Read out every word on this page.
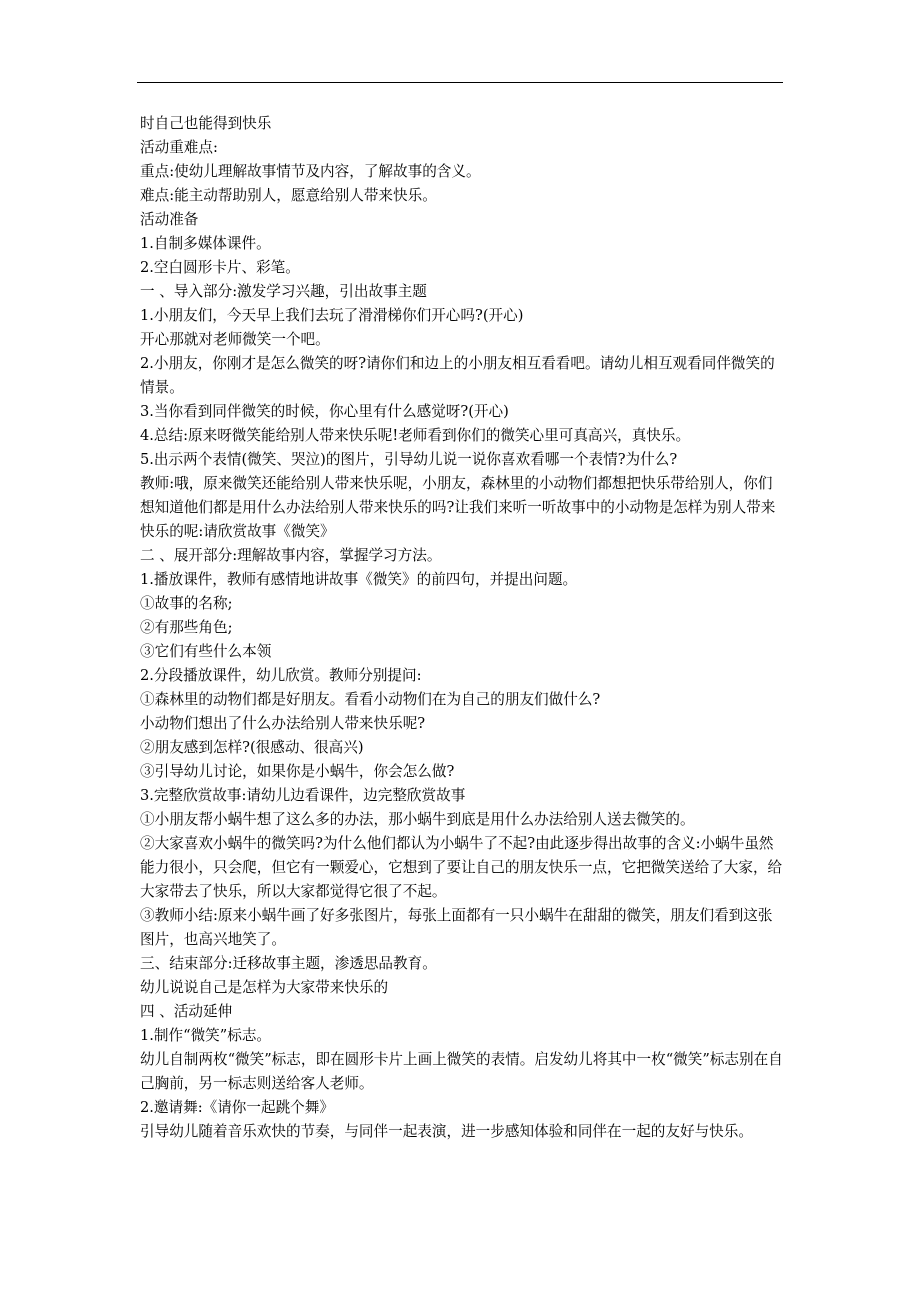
时自己也能得到快乐

活动重难点:

重点:使幼儿理解故事情节及内容，了解故事的含义。

难点:能主动帮助别人，愿意给别人带来快乐。

活动准备

1.自制多媒体课件。

2.空白圆形卡片、彩笔。

一 、导入部分:激发学习兴趣，引出故事主题

1.小朋友们，今天早上我们去玩了滑滑梯你们开心吗?(开心)

开心那就对老师微笑一个吧。

2.小朋友，你刚才是怎么微笑的呀?请你们和边上的小朋友相互看看吧。请幼儿相互观看同伴微笑的情景。

3.当你看到同伴微笑的时候，你心里有什么感觉呀?(开心)

4.总结:原来呀微笑能给别人带来快乐呢!老师看到你们的微笑心里可真高兴，真快乐。

5.出示两个表情(微笑、哭泣)的图片，引导幼儿说一说你喜欢看哪一个表情?为什么?

教师:哦，原来微笑还能给别人带来快乐呢，小朋友，森林里的小动物们都想把快乐带给别人，你们想知道他们都是用什么办法给别人带来快乐的吗?让我们来听一听故事中的小动物是怎样为别人带来快乐的呢:请欣赏故事《微笑》

二 、展开部分:理解故事内容，掌握学习方法。

1.播放课件，教师有感情地讲故事《微笑》的前四句，并提出问题。

①故事的名称;

②有那些角色;

③它们有些什么本领

2.分段播放课件，幼儿欣赏。教师分别提问:

①森林里的动物们都是好朋友。看看小动物们在为自己的朋友们做什么?

小动物们想出了什么办法给别人带来快乐呢?

②朋友感到怎样?(很感动、很高兴)

③引导幼儿讨论，如果你是小蜗牛，你会怎么做?

3.完整欣赏故事:请幼儿边看课件，边完整欣赏故事

①小朋友帮小蜗牛想了这么多的办法，那小蜗牛到底是用什么办法给别人送去微笑的。

②大家喜欢小蜗牛的微笑吗?为什么他们都认为小蜗牛了不起?由此逐步得出故事的含义:小蜗牛虽然能力很小，只会爬，但它有一颗爱心，它想到了要让自己的朋友快乐一点，它把微笑送给了大家，给大家带去了快乐，所以大家都觉得它很了不起。

③教师小结:原来小蜗牛画了好多张图片，每张上面都有一只小蜗牛在甜甜的微笑，朋友们看到这张图片，也高兴地笑了。

三、结束部分:迁移故事主题，渗透思品教育。

幼儿说说自己是怎样为大家带来快乐的

四 、活动延伸

1.制作“微笑”标志。

幼儿自制两枚“微笑”标志，即在圆形卡片上画上微笑的表情。启发幼儿将其中一枚“微笑”标志别在自己胸前，另一标志则送给客人老师。

2.邀请舞:《请你一起跳个舞》

引导幼儿随着音乐欢快的节奏，与同伴一起表演，进一步感知体验和同伴在一起的友好与快乐。
